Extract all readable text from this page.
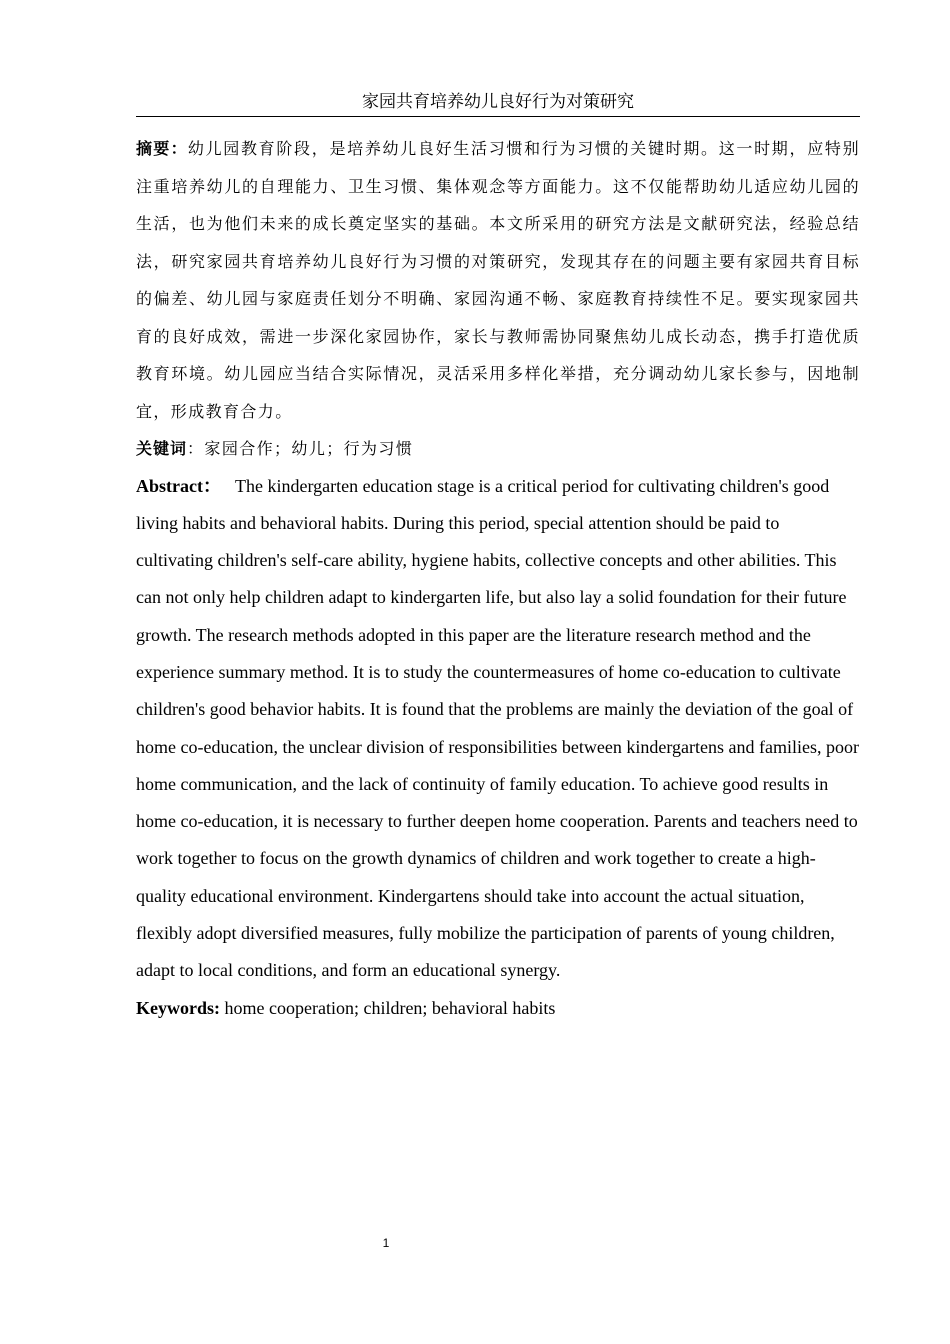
家园共育培养幼儿良好行为对策研究

摘要：幼儿园教育阶段，是培养幼儿良好生活习惯和行为习惯的关键时期。这一时期，应特别注重培养幼儿的自理能力、卫生习惯、集体观念等方面能力。这不仅能帮助幼儿适应幼儿园的生活，也为他们未来的成长奠定坚实的基础。本文所采用的研究方法是文献研究法，经验总结法，研究家园共育培养幼儿良好行为习惯的对策研究，发现其存在的问题主要有家园共育目标的偏差、幼儿园与家庭责任划分不明确、家园沟通不畅、家庭教育持续性不足。要实现家园共育的良好成效，需进一步深化家园协作，家长与教师需协同聚焦幼儿成长动态，携手打造优质教育环境。幼儿园应当结合实际情况，灵活采用多样化举措，充分调动幼儿家长参与，因地制宜，形成教育合力。

关键词：家园合作；幼儿；行为习惯

Abstract： The kindergarten education stage is a critical period for cultivating children's good living habits and behavioral habits. During this period, special attention should be paid to cultivating children's self-care ability, hygiene habits, collective concepts and other abilities. This can not only help children adapt to kindergarten life, but also lay a solid foundation for their future growth. The research methods adopted in this paper are the literature research method and the experience summary method. It is to study the countermeasures of home co-education to cultivate children's good behavior habits. It is found that the problems are mainly the deviation of the goal of home co-education, the unclear division of responsibilities between kindergartens and families, poor home communication, and the lack of continuity of family education. To achieve good results in home co-education, it is necessary to further deepen home cooperation. Parents and teachers need to work together to focus on the growth dynamics of children and work together to create a high-quality educational environment. Kindergartens should take into account the actual situation, flexibly adopt diversified measures, fully mobilize the participation of parents of young children, adapt to local conditions, and form an educational synergy.

Keywords: home cooperation; children; behavioral habits

1
